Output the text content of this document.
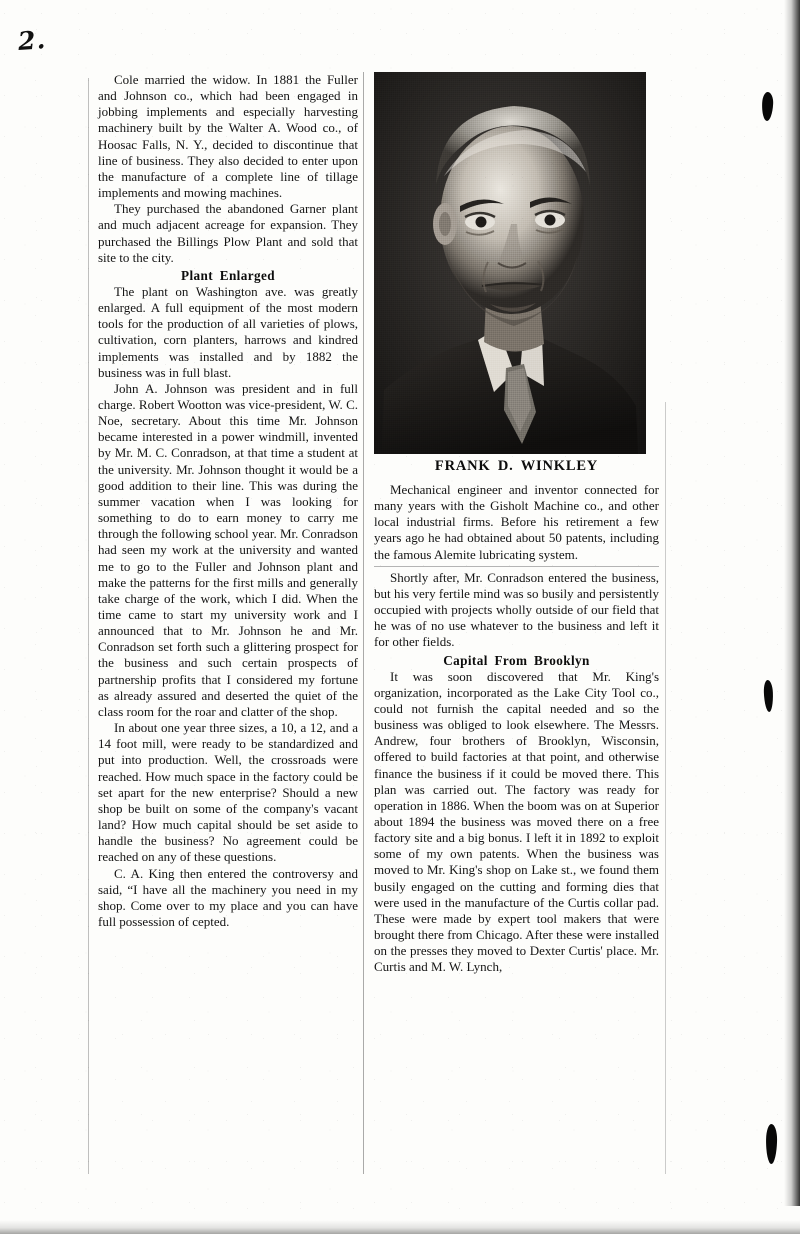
2.

Cole married the widow. In 1881 the Fuller and Johnson co., which had been engaged in jobbing implements and especially harvesting machinery built by the Walter A. Wood co., of Hoosac Falls, N. Y., decided to discontinue that line of business. They also decided to enter upon the manufacture of a complete line of tillage implements and mowing machines.

They purchased the abandoned Garner plant and much adjacent acreage for expansion. They purchased the Billings Plow Plant and sold that site to the city.

Plant Enlarged

The plant on Washington ave. was greatly enlarged. A full equipment of the most modern tools for the production of all varieties of plows, cultivation, corn planters, harrows and kindred implements was installed and by 1882 the business was in full blast.

John A. Johnson was president and in full charge. Robert Wootton was vice-president, W. C. Noe, secretary. About this time Mr. Johnson became interested in a power windmill, invented by Mr. M. C. Conradson, at that time a student at the university. Mr. Johnson thought it would be a good addition to their line. This was during the summer vacation when I was looking for something to do to earn money to carry me through the following school year. Mr. Conradson had seen my work at the university and wanted me to go to the Fuller and Johnson plant and make the patterns for the first mills and generally take charge of the work, which I did. When the time came to start my university work and I announced that to Mr. Johnson he and Mr. Conradson set forth such a glittering prospect for the business and such certain prospects of partnership profits that I considered my fortune as already assured and deserted the quiet of the class room for the roar and clatter of the shop.

In about one year three sizes, a 10, a 12, and a 14 foot mill, were ready to be standardized and put into production. Well, the crossroads were reached. How much space in the factory could be set apart for the new enterprise? Should a new shop be built on some of the company's vacant land? How much capital should be set aside to handle the business? No agreement could be reached on any of these questions.

C. A. King then entered the controversy and said, “I have all the machinery you need in my shop. Come over to my place and you can have full possession of cepted.

FRANK D. WINKLEY

Mechanical engineer and inventor connected for many years with the Gisholt Machine co., and other local industrial firms. Before his retirement a few years ago he had obtained about 50 patents, including the famous Alemite lubricating system.

Shortly after, Mr. Conradson entered the business, but his very fertile mind was so busily and persistently occupied with projects wholly outside of our field that he was of no use whatever to the business and left it for other fields.

Capital From Brooklyn

It was soon discovered that Mr. King's organization, incorporated as the Lake City Tool co., could not furnish the capital needed and so the business was obliged to look elsewhere. The Messrs. Andrew, four brothers of Brooklyn, Wisconsin, offered to build factories at that point, and otherwise finance the business if it could be moved there. This plan was carried out. The factory was ready for operation in 1886. When the boom was on at Superior about 1894 the business was moved there on a free factory site and a big bonus. I left it in 1892 to exploit some of my own patents. When the business was moved to Mr. King's shop on Lake st., we found them busily engaged on the cutting and forming dies that were used in the manufacture of the Curtis collar pad. These were made by expert tool makers that were brought there from Chicago. After these were installed on the presses they moved to Dexter Curtis' place. Mr. Curtis and M. W. Lynch,
